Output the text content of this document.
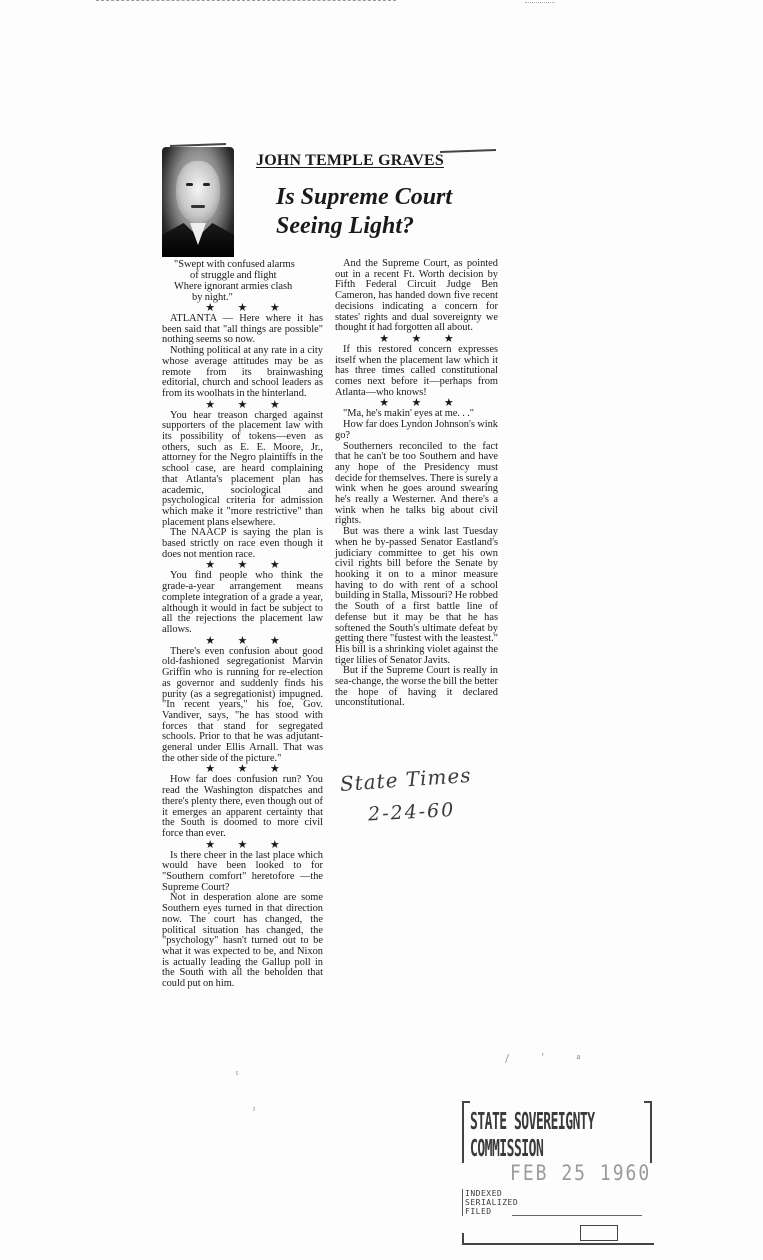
JOHN TEMPLE GRAVES
Is Supreme Court
Seeing Light?

"Swept with confused alarms

of struggle and flight

Where ignorant armies clash

by night."

★ ★ ★

ATLANTA — Here where it has been said that "all things are possible" nothing seems so now.

Nothing political at any rate in a city whose average attitudes may be as remote from its brainwashing editorial, church and school leaders as from its woolhats in the hinterland.

★ ★ ★

You hear treason charged against supporters of the placement law with its possibility of tokens—even as others, such as E. E. Moore, Jr., attorney for the Negro plaintiffs in the school case, are heard complaining that Atlanta's placement plan has academic, sociological and psychological criteria for admission which make it "more restrictive" than placement plans elsewhere.

The NAACP is saying the plan is based strictly on race even though it does not mention race.

★ ★ ★

You find people who think the grade-a-year arrangement means complete integration of a grade a year, although it would in fact be subject to all the rejections the placement law allows.

★ ★ ★

There's even confusion about good old-fashioned segregationist Marvin Griffin who is running for re-election as governor and suddenly finds his purity (as a segregationist) impugned. "In recent years," his foe, Gov. Vandiver, says, "he has stood with forces that stand for segregated schools. Prior to that he was adjutant-general under Ellis Arnall. That was the other side of the picture."

★ ★ ★

How far does confusion run? You read the Washington dispatches and there's plenty there, even though out of it emerges an apparent certainty that the South is doomed to more civil force than ever.

★ ★ ★

Is there cheer in the last place which would have been looked to for "Southern comfort" heretofore —the Supreme Court?

Not in desperation alone are some Southern eyes turned in that direction now. The court has changed, the political situation has changed, the "psychology" hasn't turned out to be what it was expected to be, and Nixon is actually leading the Gallup poll in the South with all the beholden that could put on him.

And the Supreme Court, as pointed out in a recent Ft. Worth decision by Fifth Federal Circuit Judge Ben Cameron, has handed down five recent decisions indicating a concern for states' rights and dual sovereignty we thought it had forgotten all about.

★ ★ ★

If this restored concern expresses itself when the placement law which it has three times called constitutional comes next before it—perhaps from Atlanta—who knows!

★ ★ ★

"Ma, he's makin' eyes at me. . ."

How far does Lyndon Johnson's wink go?

Southerners reconciled to the fact that he can't be too Southern and have any hope of the Presidency must decide for themselves. There is surely a wink when he goes around swearing he's really a Westerner. And there's a wink when he talks big about civil rights.

But was there a wink last Tuesday when he by-passed Senator Eastland's judiciary committee to get his own civil rights bill before the Senate by hooking it on to a minor measure having to do with rent of a school building in Stalla, Missouri? He robbed the South of a first battle line of defense but it may be that he has softened the South's ultimate defeat by getting there "fustest with the leastest." His bill is a shrinking violet against the tiger lilies of Senator Javits.

But if the Supreme Court is really in sea-change, the worse the bill the better the hope of having it declared unconstitutional.

State Times
2-24-60
/ ʾ ᵃ
ˁ
ˀ	STATE SOVEREIGNTY COMMISSION
FEB 25 1960
INDEXED
SERIALIZED
FILED
